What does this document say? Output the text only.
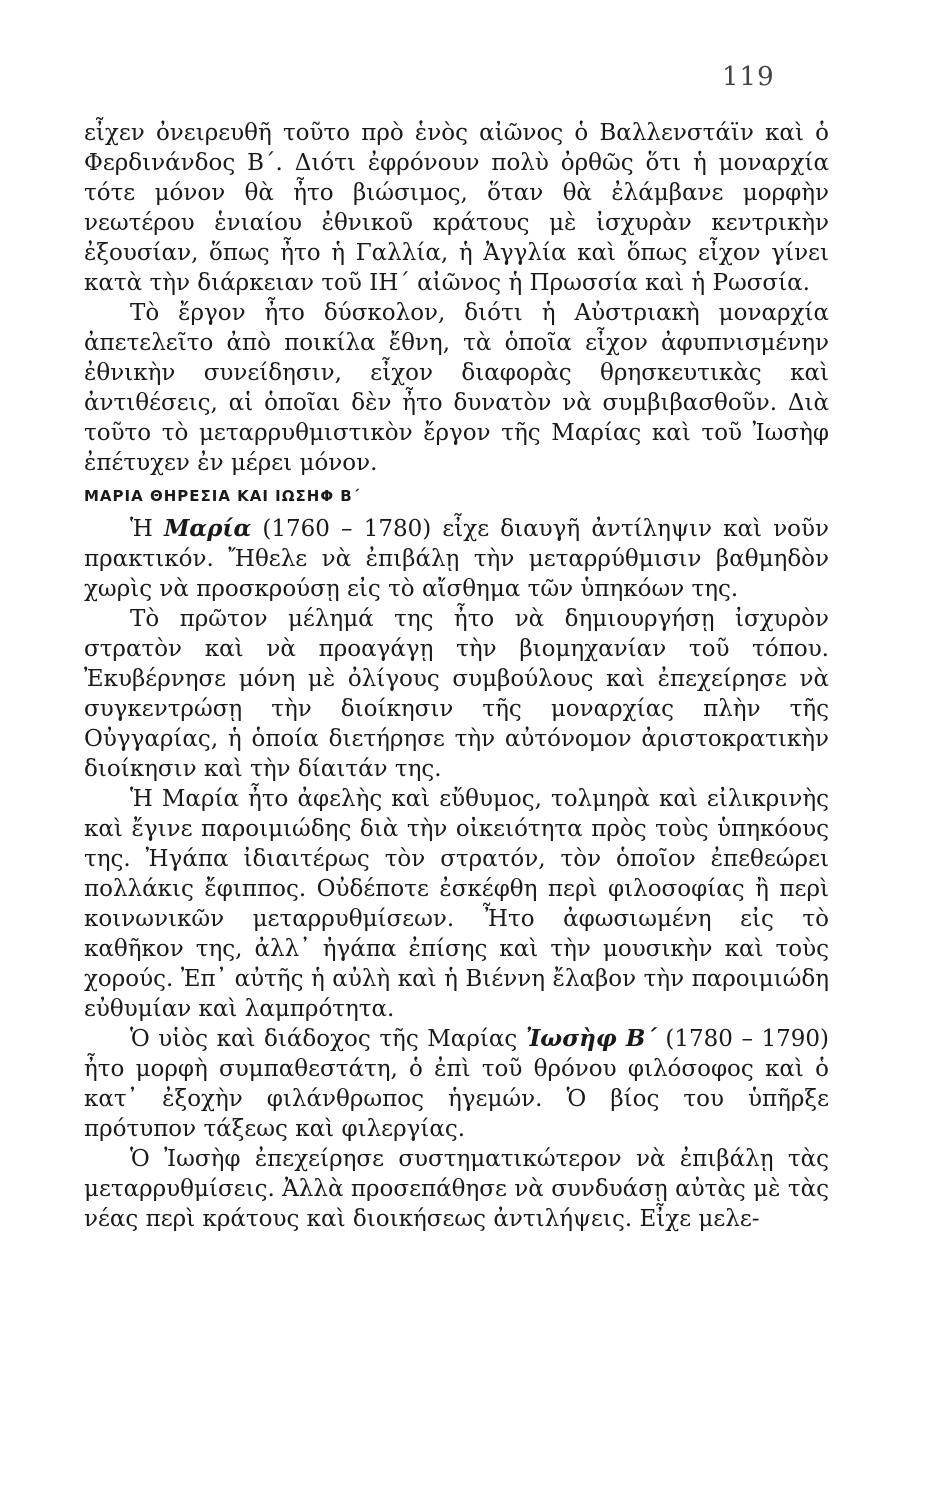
119

εἶχεν ὀνειρευθῆ τοῦτο πρὸ ἑνὸς αἰῶνος ὁ Βαλλενστάϊν καὶ ὁ Φερδινάνδος Β΄. Διότι ἐφρόνουν πολὺ ὀρθῶς ὅτι ἡ μοναρχία τότε μόνον θὰ ἦτο βιώσιμος, ὅταν θὰ ἐλάμβανε μορφὴν νεωτέρου ἑνιαίου ἐθνικοῦ κράτους μὲ ἰσχυρὰν κεντρικὴν ἐξουσίαν, ὅπως ἦτο ἡ Γαλλία, ἡ Ἀγγλία καὶ ὅπως εἶχον γίνει κατὰ τὴν διάρκειαν τοῦ ΙΗ΄ αἰῶνος ἡ Πρωσσία καὶ ἡ Ρωσσία.

Τὸ ἔργον ἦτο δύσκολον, διότι ἡ Αὐστριακὴ μοναρχία ἀπετελεῖτο ἀπὸ ποικίλα ἔθνη, τὰ ὁποῖα εἶχον ἀφυπνισμένην ἐθνικὴν συνείδησιν, εἶχον διαφορὰς θρησκευτικὰς καὶ ἀντιθέσεις, αἱ ὁποῖαι δὲν ἦτο δυνατὸν νὰ συμβιβασθοῦν. Διὰ τοῦτο τὸ μεταρρυθμιστικὸν ἔργον τῆς Μαρίας καὶ τοῦ Ἰωσὴφ ἐπέτυχεν ἐν μέρει μόνον.

ΜΑΡΙΑ ΘΗΡΕΣΙΑ ΚΑΙ ΙΩΣΗΦ Β΄

Ἡ Μαρία (1760 – 1780) εἶχε διαυγῆ ἀντίληψιν καὶ νοῦν πρακτικόν. Ἤθελε νὰ ἐπιβάλῃ τὴν μεταρρύθμισιν βαθμηδὸν χωρὶς νὰ προσκρούσῃ εἰς τὸ αἴσθημα τῶν ὑπηκόων της.

Τὸ πρῶτον μέλημά της ἦτο νὰ δημιουργήσῃ ἰσχυρὸν στρατὸν καὶ νὰ προαγάγῃ τὴν βιομηχανίαν τοῦ τόπου. Ἐκυβέρνησε μόνη μὲ ὀλίγους συμβούλους καὶ ἐπεχείρησε νὰ συγκεντρώσῃ τὴν διοίκησιν τῆς μοναρχίας πλὴν τῆς Οὐγγαρίας, ἡ ὁποία διετήρησε τὴν αὐτόνομον ἀριστοκρατικὴν διοίκησιν καὶ τὴν δίαιτάν της.

Ἡ Μαρία ἦτο ἀφελὴς καὶ εὔθυμος, τολμηρὰ καὶ εἰλικρινὴς καὶ ἔγινε παροιμιώδης διὰ τὴν οἰκειότητα πρὸς τοὺς ὑπηκόους της. Ἠγάπα ἰδιαιτέρως τὸν στρατόν, τὸν ὁποῖον ἐπεθεώρει πολλάκις ἔφιππος. Οὐδέποτε ἐσκέφθη περὶ φιλοσοφίας ἢ περὶ κοινωνικῶν μεταρρυθμίσεων. Ἦτο ἀφωσιωμένη εἰς τὸ καθῆκον της, ἀλλ᾽ ἠγάπα ἐπίσης καὶ τὴν μουσικὴν καὶ τοὺς χορούς. Ἐπ᾽ αὐτῆς ἡ αὐλὴ καὶ ἡ Βιέννη ἔλαβον τὴν παροιμιώδη εὐθυμίαν καὶ λαμπρότητα.

Ὁ υἱὸς καὶ διάδοχος τῆς Μαρίας Ἰωσὴφ Β΄ (1780 – 1790) ἦτο μορφὴ συμπαθεστάτη, ὁ ἐπὶ τοῦ θρόνου φιλόσοφος καὶ ὁ κατ᾽ ἐξοχὴν φιλάνθρωπος ἡγεμών. Ὁ βίος του ὑπῆρξε πρότυπον τάξεως καὶ φιλεργίας.

Ὁ Ἰωσὴφ ἐπεχείρησε συστηματικώτερον νὰ ἐπιβάλῃ τὰς μεταρρυθμίσεις. Ἀλλὰ προσεπάθησε νὰ συνδυάσῃ αὐτὰς μὲ τὰς νέας περὶ κράτους καὶ διοικήσεως ἀντιλήψεις. Εἶχε μελε-
